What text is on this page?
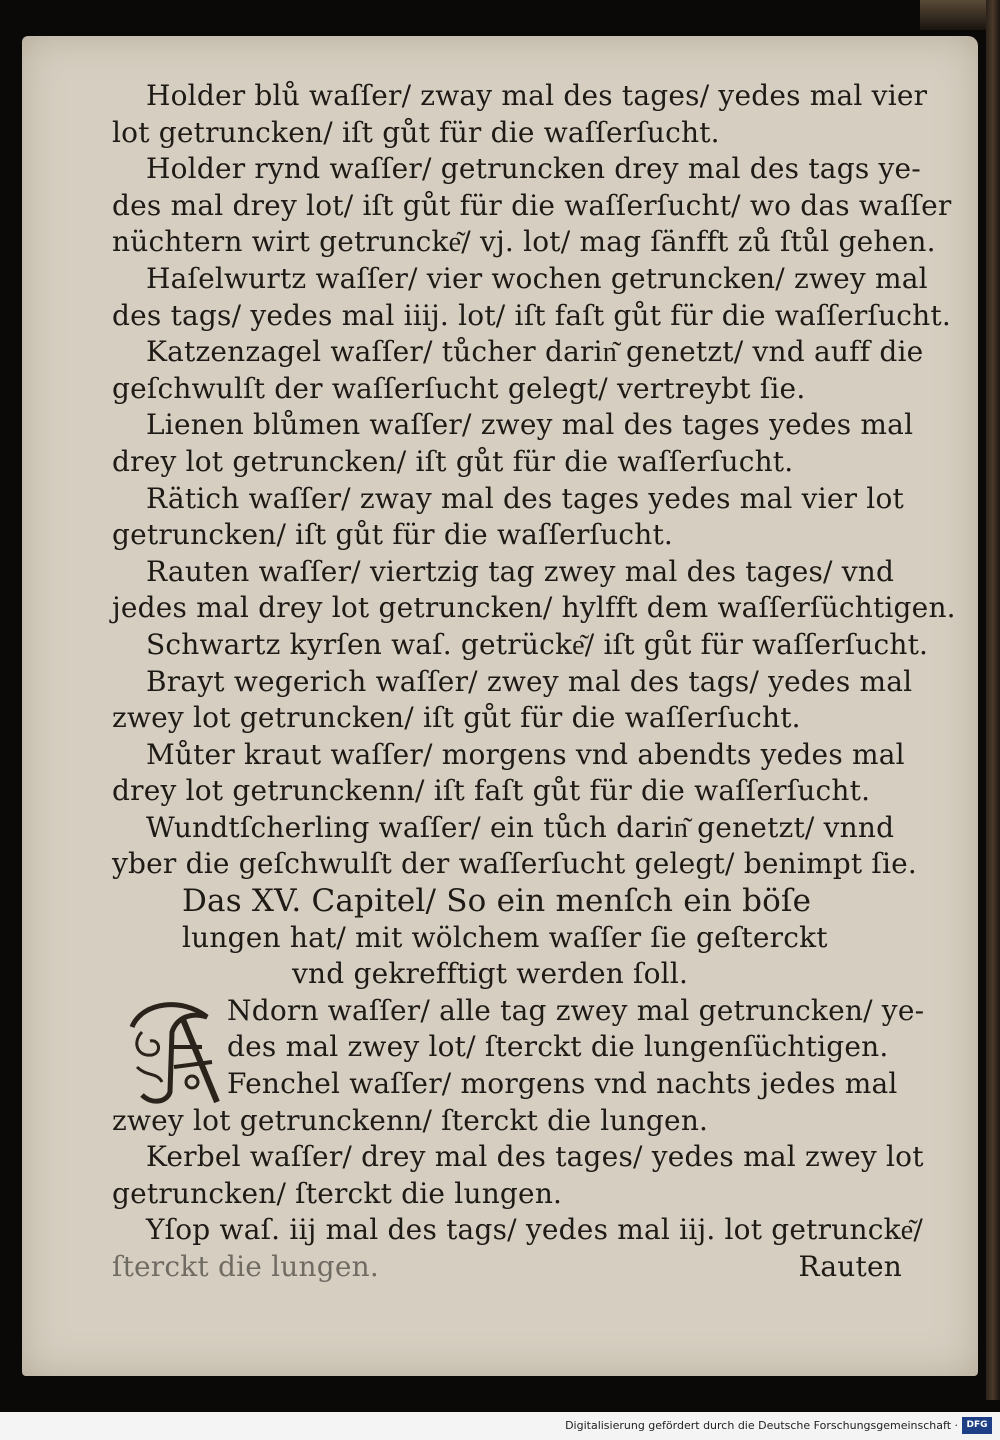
Holder blů waſſer/ zway mal des tages/ yedes mal vier
lot getruncken/ iſt gůt für die waſſerſucht.
Holder rynd waſſer/ getruncken drey mal des tags ye-
des mal drey lot/ iſt gůt für die waſſerſucht/ wo das waſſer
nüchtern wirt getruncke͂/ vj. lot/ mag ſänfft zů ſtůl gehen.
Haſelwurtz waſſer/ vier wochen getruncken/ zwey mal
des tags/ yedes mal iiij. lot/ iſt faſt gůt für die waſſerſucht.
Katzenzagel waſſer/ tůcher darin͂ genetzt/ vnd auff die
geſchwulſt der waſſerſucht gelegt/ vertreybt ſie.
Lienen blůmen waſſer/ zwey mal des tages yedes mal
drey lot getruncken/ iſt gůt für die waſſerſucht.
Rätich waſſer/ zway mal des tages yedes mal vier lot
getruncken/ iſt gůt für die waſſerſucht.
Rauten waſſer/ viertzig tag zwey mal des tages/ vnd
jedes mal drey lot getruncken/ hylfft dem waſſerſüchtigen.
Schwartz kyrſen waſ. getrücke͂/ iſt gůt für waſſerſucht.
Brayt wegerich waſſer/ zwey mal des tags/ yedes mal
zwey lot getruncken/ iſt gůt für die waſſerſucht.
Můter kraut waſſer/ morgens vnd abendts yedes mal
drey lot getrunckenn/ iſt faſt gůt für die waſſerſucht.
Wundtſcherling waſſer/ ein tůch darin͂ genetzt/ vnnd
yber die geſchwulſt der waſſerſucht gelegt/ benimpt ſie.
Das XV. Capitel/ So ein menſch ein böſe
lungen hat/ mit wölchem waſſer ſie geſterckt
vnd gekrefftigt werden ſoll.
Ndorn waſſer/ alle tag zwey mal getruncken/ ye-
des mal zwey lot/ ſterckt die lungenſüchtigen.
Fenchel waſſer/ morgens vnd nachts jedes mal
zwey lot getrunckenn/ ſterckt die lungen.
Kerbel waſſer/ drey mal des tages/ yedes mal zwey lot
getruncken/ ſterckt die lungen.
Yſop waſ. iij mal des tags/ yedes mal iij. lot getrunckе͂/
ſterckt die lungen.	Rauten
Digitalisierung gefördert durch die Deutsche Forschungsgemeinschaft · DFG
